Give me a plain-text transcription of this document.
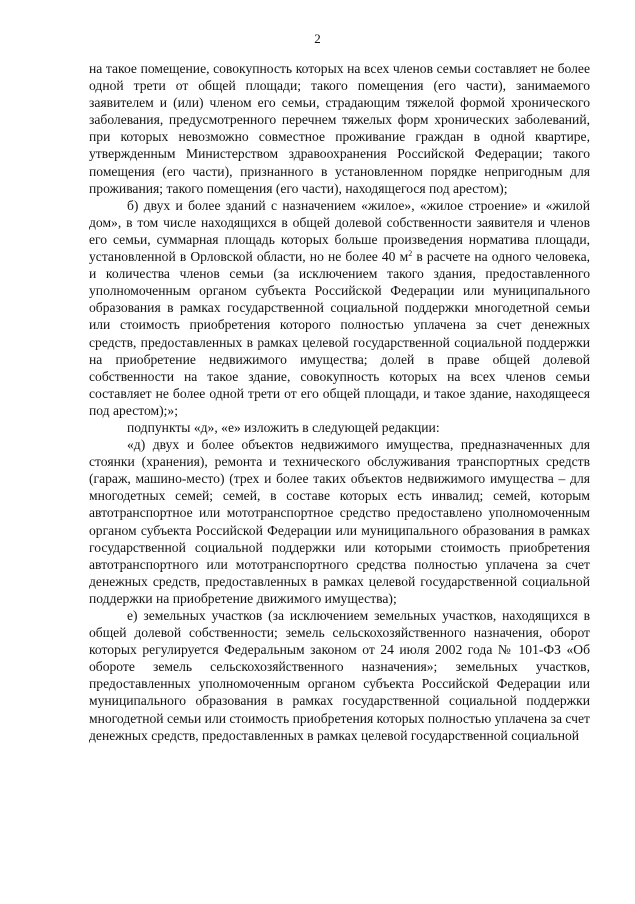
2

на такое помещение, совокупность которых на всех членов семьи составляет не более одной трети от общей площади; такого помещения (его части), занимаемого заявителем и (или) членом его семьи, страдающим тяжелой формой хронического заболевания, предусмотренного перечнем тяжелых форм хронических заболеваний, при которых невозможно совместное проживание граждан в одной квартире, утвержденным Министерством здравоохранения Российской Федерации; такого помещения (его части), признанного в установленном порядке непригодным для проживания; такого помещения (его части), находящегося под арестом);

б) двух и более зданий с назначением «жилое», «жилое строение» и «жилой дом», в том числе находящихся в общей долевой собственности заявителя и членов его семьи, суммарная площадь которых больше произведения норматива площади, установленной в Орловской области, но не более 40 $м^2$ в расчете на одного человека, и количества членов семьи (за исключением такого здания, предоставленного уполномоченным органом субъекта Российской Федерации или муниципального образования в рамках государственной социальной поддержки многодетной семьи или стоимость приобретения которого полностью уплачена за счет денежных средств, предоставленных в рамках целевой государственной социальной поддержки на приобретение недвижимого имущества; долей в праве общей долевой собственности на такое здание, совокупность которых на всех членов семьи составляет не более одной трети от его общей площади, и такое здание, находящееся под арестом);»;

подпункты «д», «е» изложить в следующей редакции:

«д) двух и более объектов недвижимого имущества, предназначенных для стоянки (хранения), ремонта и технического обслуживания транспортных средств (гараж, машино-место) (трех и более таких объектов недвижимого имущества – для многодетных семей; семей, в составе которых есть инвалид; семей, которым автотранспортное или мототранспортное средство предоставлено уполномоченным органом субъекта Российской Федерации или муниципального образования в рамках государственной социальной поддержки или которыми стоимость приобретения автотранспортного или мототранспортного средства полностью уплачена за счет денежных средств, предоставленных в рамках целевой государственной социальной поддержки на приобретение движимого имущества);

е) земельных участков (за исключением земельных участков, находящихся в общей долевой собственности; земель сельскохозяйственного назначения, оборот которых регулируется Федеральным законом от 24 июля 2002 года № 101-ФЗ «Об обороте земель сельскохозяйственного назначения»; земельных участков, предоставленных уполномоченным органом субъекта Российской Федерации или муниципального образования в рамках государственной социальной поддержки многодетной семьи или стоимость приобретения которых полностью уплачена за счет денежных средств, предоставленных в рамках целевой государственной социальной
